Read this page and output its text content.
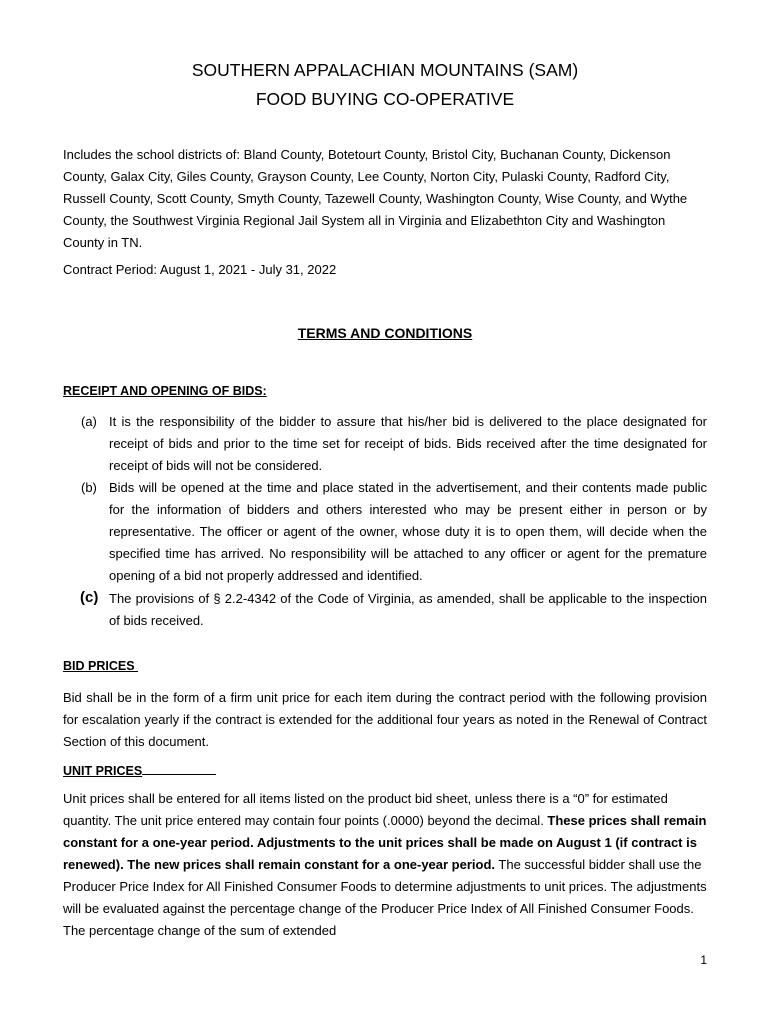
SOUTHERN APPALACHIAN MOUNTAINS (SAM)
FOOD BUYING CO-OPERATIVE
Includes the school districts of: Bland County, Botetourt County, Bristol City, Buchanan County, Dickenson County, Galax City, Giles County, Grayson County, Lee County, Norton City, Pulaski County, Radford City, Russell County, Scott County, Smyth County, Tazewell County, Washington County, Wise County, and Wythe County, the Southwest Virginia Regional Jail System all in Virginia and Elizabethton City and Washington County in TN.
Contract Period: August 1, 2021 - July 31, 2022
TERMS AND CONDITIONS
RECEIPT AND OPENING OF BIDS:
(a) It is the responsibility of the bidder to assure that his/her bid is delivered to the place designated for receipt of bids and prior to the time set for receipt of bids. Bids received after the time designated for receipt of bids will not be considered.
(b) Bids will be opened at the time and place stated in the advertisement, and their contents made public for the information of bidders and others interested who may be present either in person or by representative. The officer or agent of the owner, whose duty it is to open them, will decide when the specified time has arrived. No responsibility will be attached to any officer or agent for the premature opening of a bid not properly addressed and identified.
(c) The provisions of § 2.2-4342 of the Code of Virginia, as amended, shall be applicable to the inspection of bids received.
BID PRICES
Bid shall be in the form of a firm unit price for each item during the contract period with the following provision for escalation yearly if the contract is extended for the additional four years as noted in the Renewal of Contract Section of this document.
UNIT PRICES
Unit prices shall be entered for all items listed on the product bid sheet, unless there is a “0” for estimated quantity. The unit price entered may contain four points (.0000) beyond the decimal. These prices shall remain constant for a one-year period. Adjustments to the unit prices shall be made on August 1 (if contract is renewed). The new prices shall remain constant for a one-year period. The successful bidder shall use the Producer Price Index for All Finished Consumer Foods to determine adjustments to unit prices. The adjustments will be evaluated against the percentage change of the Producer Price Index of All Finished Consumer Foods. The percentage change of the sum of extended
1
